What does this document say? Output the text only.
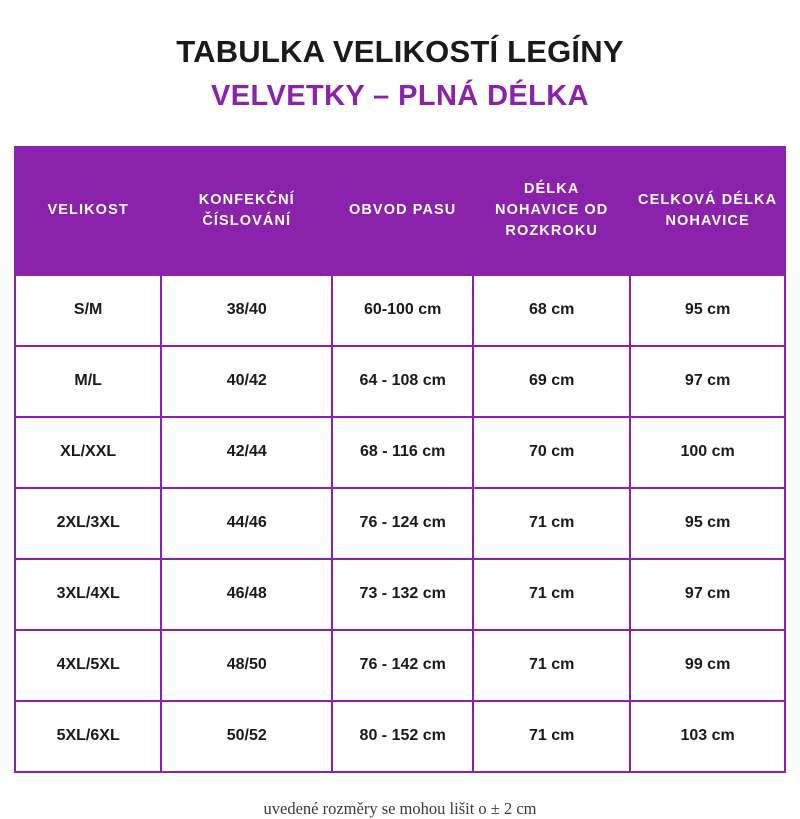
TABULKA VELIKOSTÍ LEGÍNY
VELVETKY – PLNÁ DÉLKA
VELIKOST	KONFEKČNÍ ČÍSLOVÁNÍ	OBVOD PASU	DÉLKA NOHAVICE OD ROZKROKU	CELKOVÁ DÉLKA NOHAVICE
S/M	38/40	60-100 cm	68 cm	95 cm
M/L	40/42	64 - 108 cm	69 cm	97 cm
XL/XXL	42/44	68 - 116 cm	70 cm	100 cm
2XL/3XL	44/46	76 - 124 cm	71 cm	95 cm
3XL/4XL	46/48	73 - 132 cm	71 cm	97 cm
4XL/5XL	48/50	76 - 142 cm	71 cm	99 cm
5XL/6XL	50/52	80 - 152 cm	71 cm	103 cm
uvedené rozměry se mohou lišit o ± 2 cm
